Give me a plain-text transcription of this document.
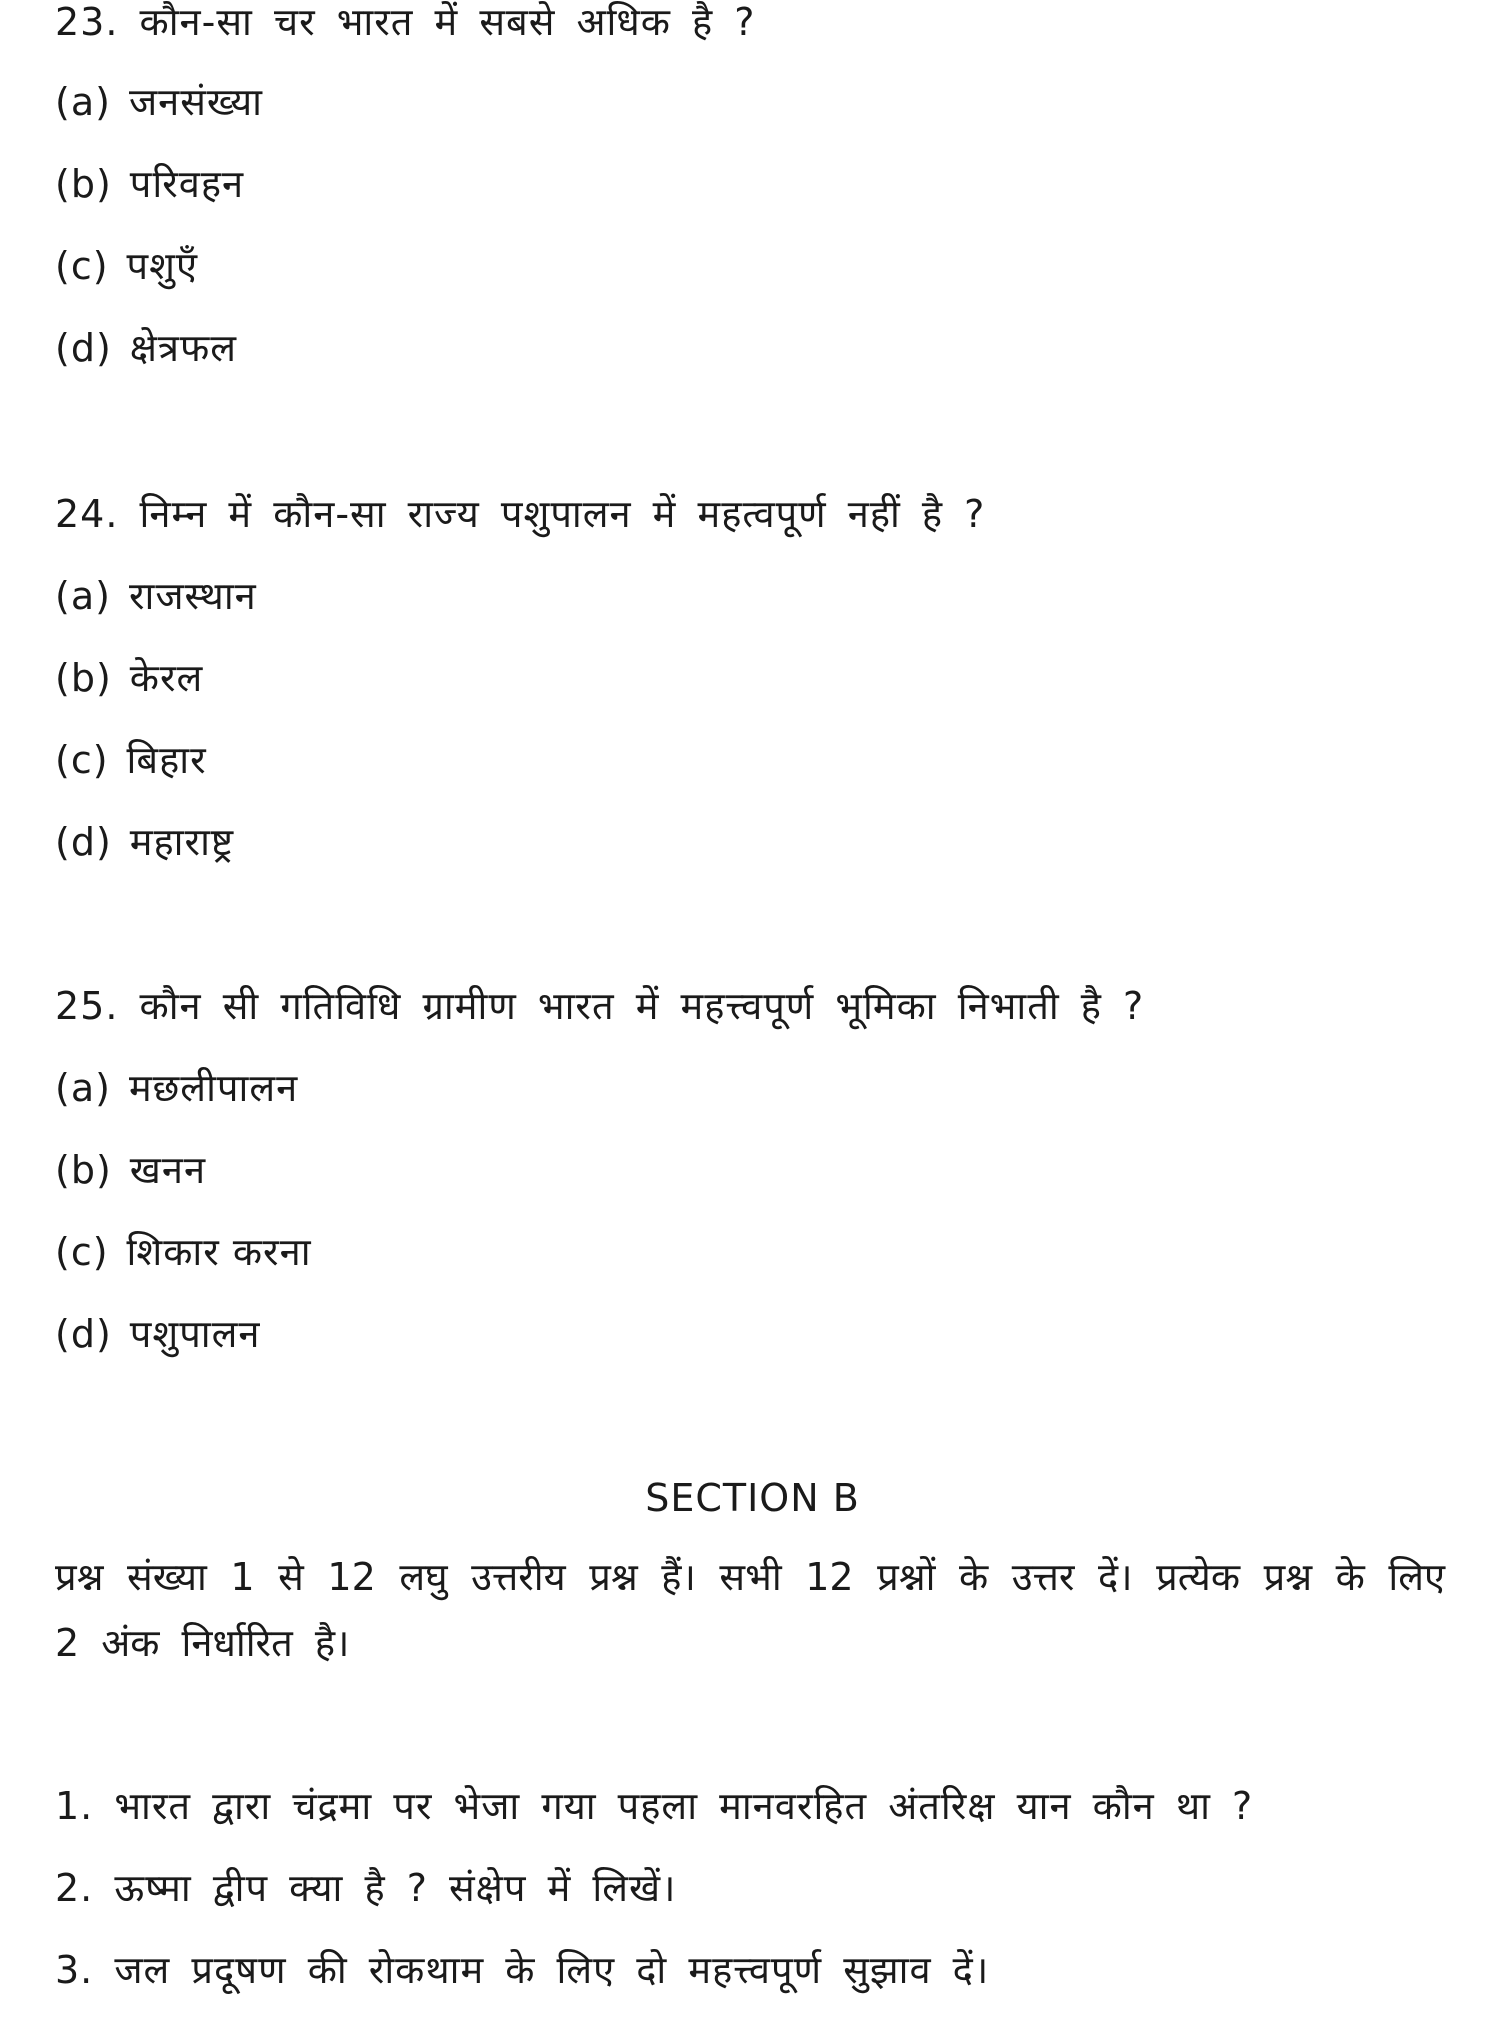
23. कौन-सा चर भारत में सबसे अधिक है ?
(a) जनसंख्या
(b) परिवहन
(c) पशुएँ
(d) क्षेत्रफल
24. निम्न में कौन-सा राज्य पशुपालन में महत्वपूर्ण नहीं है ?
(a) राजस्थान
(b) केरल
(c) बिहार
(d) महाराष्ट्र
25. कौन सी गतिविधि ग्रामीण भारत में महत्त्वपूर्ण भूमिका निभाती है ?
(a) मछलीपालन
(b) खनन
(c) शिकार करना
(d) पशुपालन
SECTION B
प्रश्न संख्या 1 से 12 लघु उत्तरीय प्रश्न हैं। सभी 12 प्रश्नों के उत्तर दें। प्रत्येक प्रश्न के लिए 2 अंक निर्धारित है।
1. भारत द्वारा चंद्रमा पर भेजा गया पहला मानवरहित अंतरिक्ष यान कौन था ?
2. ऊष्मा द्वीप क्या है ? संक्षेप में लिखें।
3. जल प्रदूषण की रोकथाम के लिए दो महत्त्वपूर्ण सुझाव दें।
